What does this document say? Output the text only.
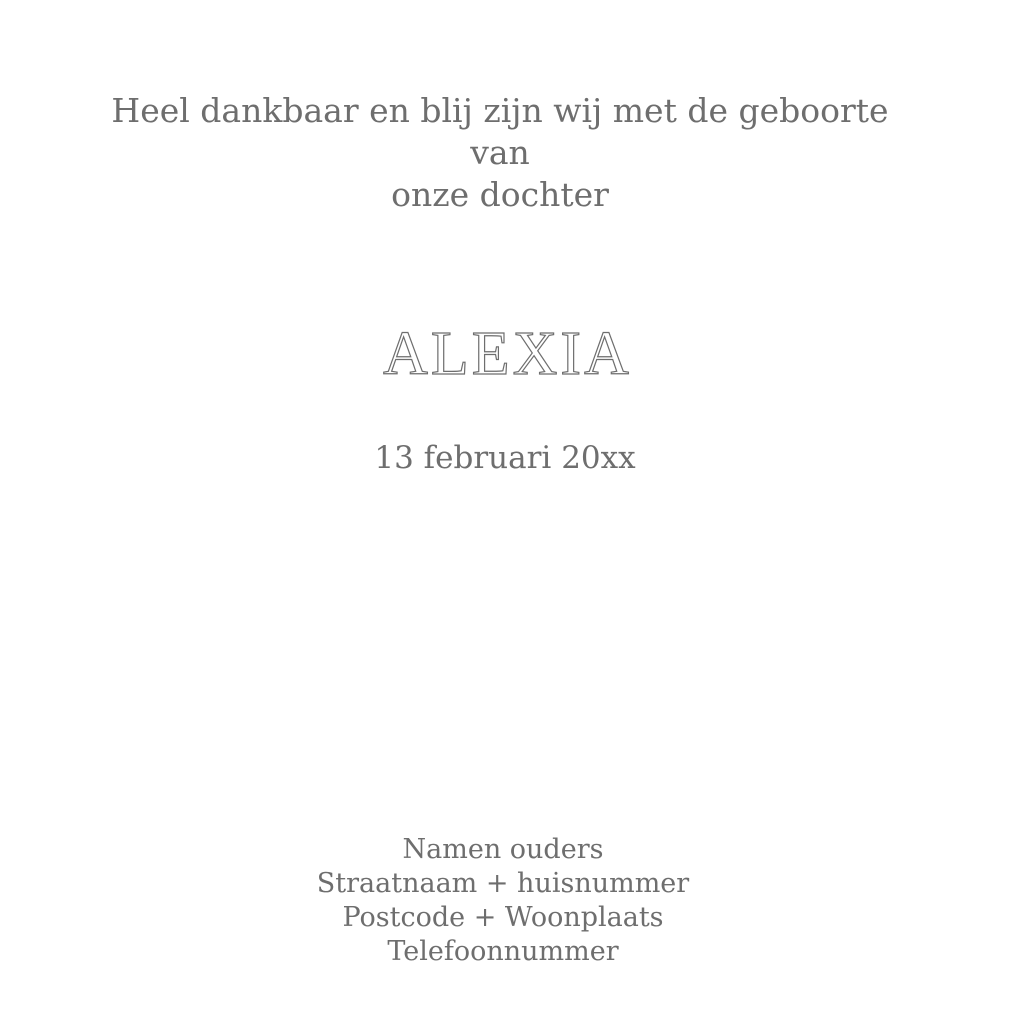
Heel dankbaar en blij zijn wij met de geboorte van
onze dochter

ALEXIA

13 februari 20xx

Namen ouders
Straatnaam + huisnummer
Postcode + Woonplaats
Telefoonnummer
